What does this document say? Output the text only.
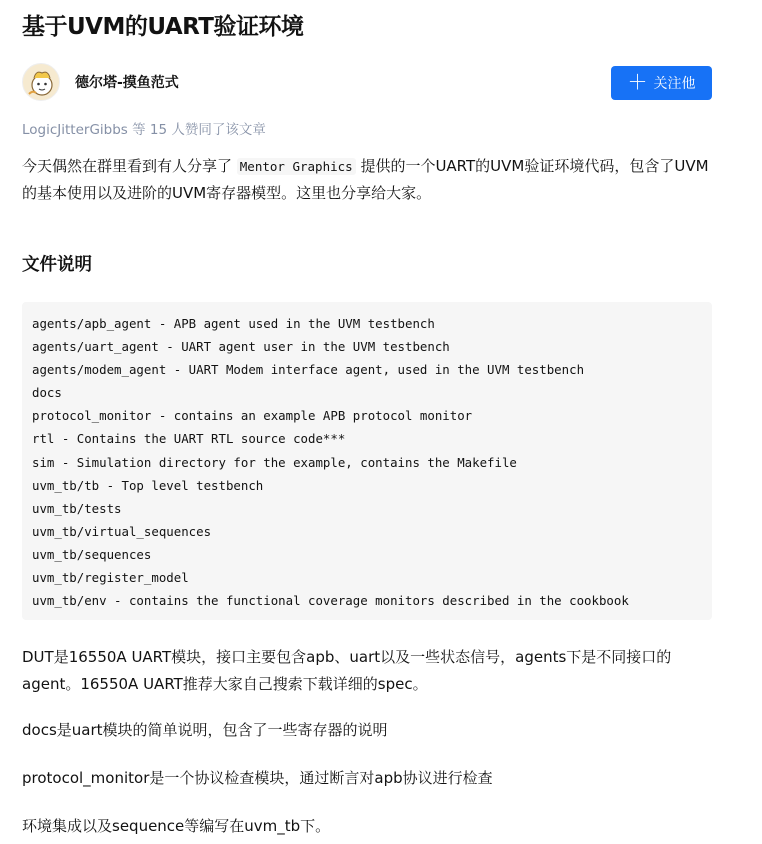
基于UVM的UART验证环境
德尔塔-摸鱼范式	＋ 关注他
LogicJitterGibbs 等 15 人赞同了该文章

今天偶然在群里看到有人分享了 Mentor Graphics 提供的一个UART的UVM验证环境代码，包含了UVM的基本使用以及进阶的UVM寄存器模型。这里也分享给大家。

文件说明
agents/apb_agent - APB agent used in the UVM testbench
agents/uart_agent - UART agent user in the UVM testbench
agents/modem_agent - UART Modem interface agent, used in the UVM testbench
docs
protocol_monitor - contains an example APB protocol monitor
rtl - Contains the UART RTL source code***
sim - Simulation directory for the example, contains the Makefile
uvm_tb/tb - Top level testbench
uvm_tb/tests
uvm_tb/virtual_sequences
uvm_tb/sequences
uvm_tb/register_model
uvm_tb/env - contains the functional coverage monitors described in the cookbook

DUT是16550A UART模块，接口主要包含apb、uart以及一些状态信号，agents下是不同接口的agent。16550A UART推荐大家自己搜索下载详细的spec。

docs是uart模块的简单说明，包含了一些寄存器的说明

protocol_monitor是一个协议检查模块，通过断言对apb协议进行检查

环境集成以及sequence等编写在uvm_tb下。
